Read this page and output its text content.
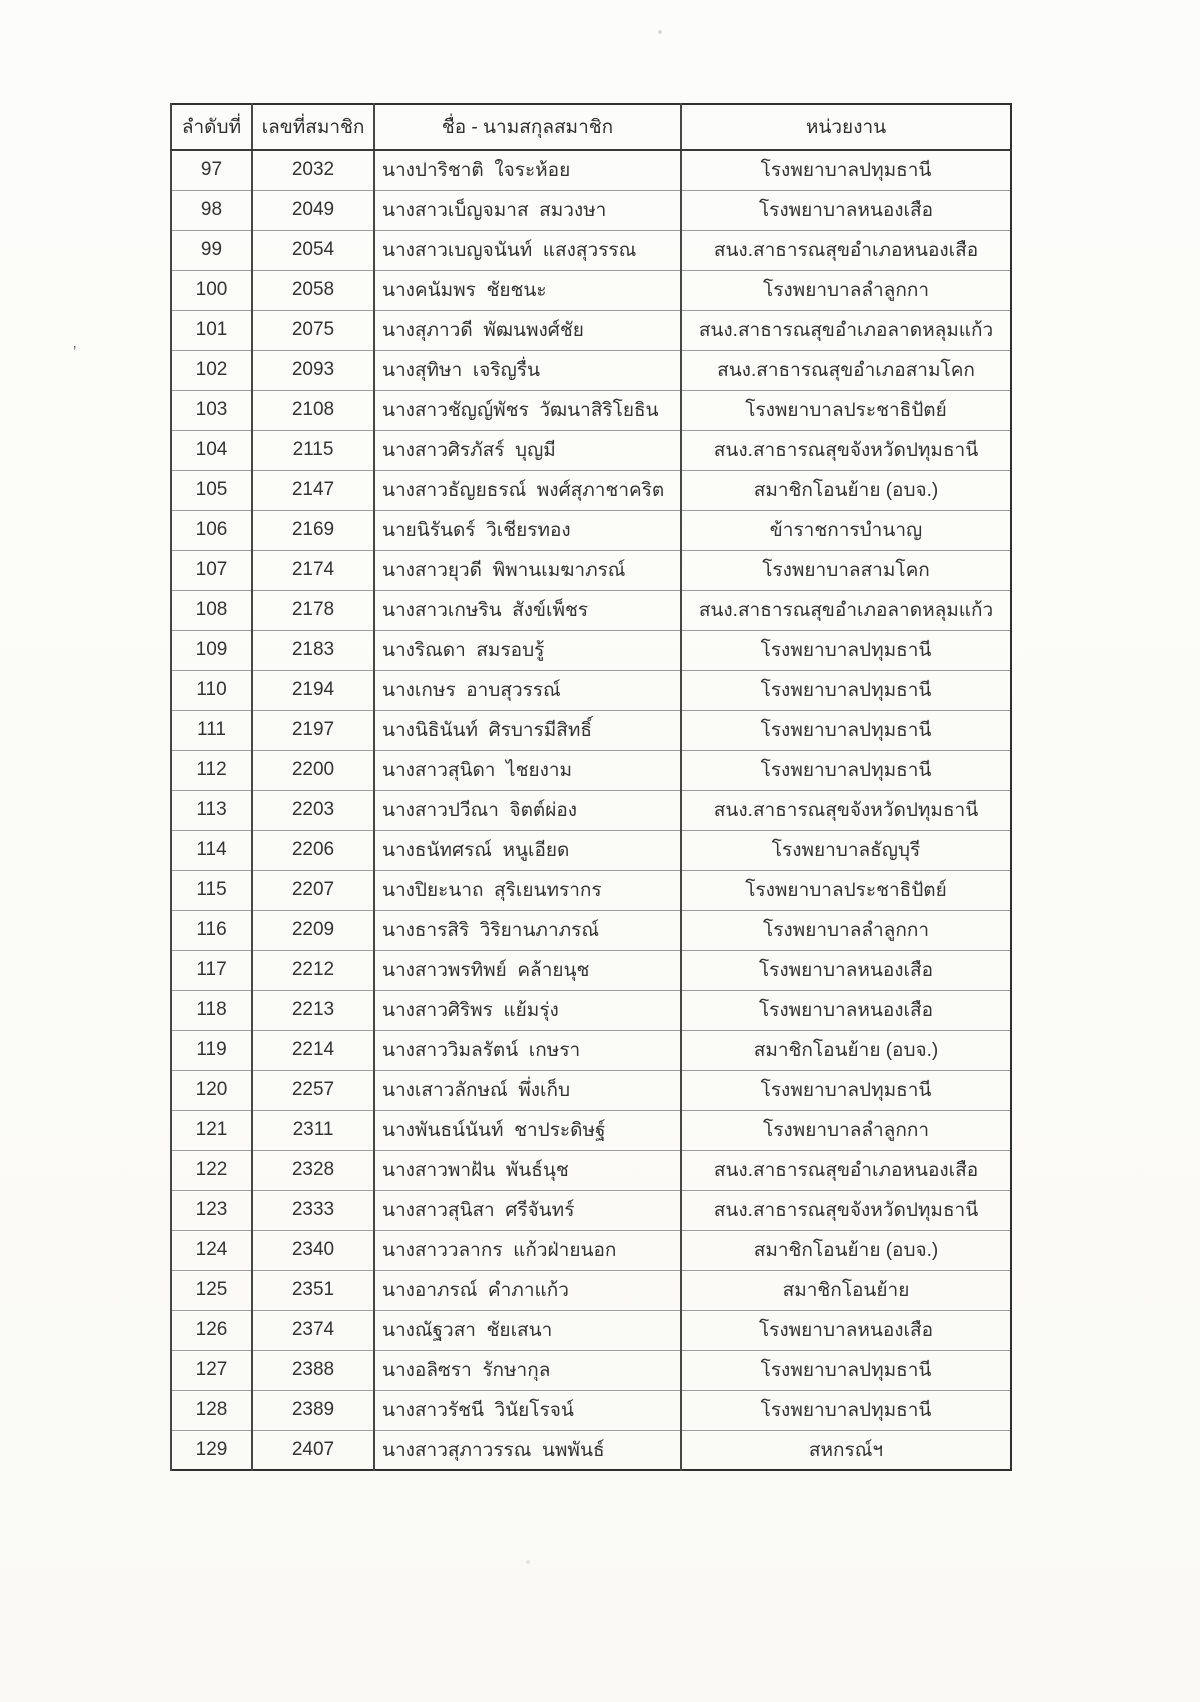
’
ลำดับที่	เลขที่สมาชิก	ชื่อ - นามสกุลสมาชิก	หน่วยงาน
97	2032	นางปาริชาติ  ใจระห้อย	โรงพยาบาลปทุมธานี
98	2049	นางสาวเบ็ญจมาส  สมวงษา	โรงพยาบาลหนองเสือ
99	2054	นางสาวเบญจนันท์  แสงสุวรรณ	สนง.สาธารณสุขอำเภอหนองเสือ
100	2058	นางคนัมพร  ชัยชนะ	โรงพยาบาลลำลูกกา
101	2075	นางสุภาวดี  พัฒนพงศ์ชัย	สนง.สาธารณสุขอำเภอลาดหลุมแก้ว
102	2093	นางสุทิษา  เจริญรื่น	สนง.สาธารณสุขอำเภอสามโคก
103	2108	นางสาวชัญญ์พัชร  วัฒนาสิริโยธิน	โรงพยาบาลประชาธิปัตย์
104	2115	นางสาวศิรภัสร์  บุญมี	สนง.สาธารณสุขจังหวัดปทุมธานี
105	2147	นางสาวธัญยธรณ์  พงศ์สุภาชาคริต	สมาชิกโอนย้าย (อบจ.)
106	2169	นายนิรันดร์  วิเชียรทอง	ข้าราชการบำนาญ
107	2174	นางสาวยุวดี  พิพานเมฆาภรณ์	โรงพยาบาลสามโคก
108	2178	นางสาวเกษริน  สังข์เพ็ชร	สนง.สาธารณสุขอำเภอลาดหลุมแก้ว
109	2183	นางริณดา  สมรอบรู้	โรงพยาบาลปทุมธานี
110	2194	นางเกษร  อาบสุวรรณ์	โรงพยาบาลปทุมธานี
111	2197	นางนิธินันท์  ศิรบารมีสิทธิ์	โรงพยาบาลปทุมธานี
112	2200	นางสาวสุนิดา  ไชยงาม	โรงพยาบาลปทุมธานี
113	2203	นางสาวปวีณา  จิตต์ผ่อง	สนง.สาธารณสุขจังหวัดปทุมธานี
114	2206	นางธนัทศรณ์  หนูเอียด	โรงพยาบาลธัญบุรี
115	2207	นางปิยะนาถ  สุริเยนทรากร	โรงพยาบาลประชาธิปัตย์
116	2209	นางธารสิริ  วิริยานภาภรณ์	โรงพยาบาลลำลูกกา
117	2212	นางสาวพรทิพย์  คล้ายนุช	โรงพยาบาลหนองเสือ
118	2213	นางสาวศิริพร  แย้มรุ่ง	โรงพยาบาลหนองเสือ
119	2214	นางสาววิมลรัตน์  เกษรา	สมาชิกโอนย้าย (อบจ.)
120	2257	นางเสาวลักษณ์  พึ่งเก็บ	โรงพยาบาลปทุมธานี
121	2311	นางพันธน์นันท์  ชาประดิษฐ์	โรงพยาบาลลำลูกกา
122	2328	นางสาวพาฝัน  พันธ์นุช	สนง.สาธารณสุขอำเภอหนองเสือ
123	2333	นางสาวสุนิสา  ศรีจันทร์	สนง.สาธารณสุขจังหวัดปทุมธานี
124	2340	นางสาววลากร  แก้วฝ่ายนอก	สมาชิกโอนย้าย (อบจ.)
125	2351	นางอาภรณ์  คำภาแก้ว	สมาชิกโอนย้าย
126	2374	นางณัฐวสา  ชัยเสนา	โรงพยาบาลหนองเสือ
127	2388	นางอลิซรา  รักษากุล	โรงพยาบาลปทุมธานี
128	2389	นางสาวรัชนี  วินัยโรจน์	โรงพยาบาลปทุมธานี
129	2407	นางสาวสุภาวรรณ  นพพันธ์	สหกรณ์ฯ
